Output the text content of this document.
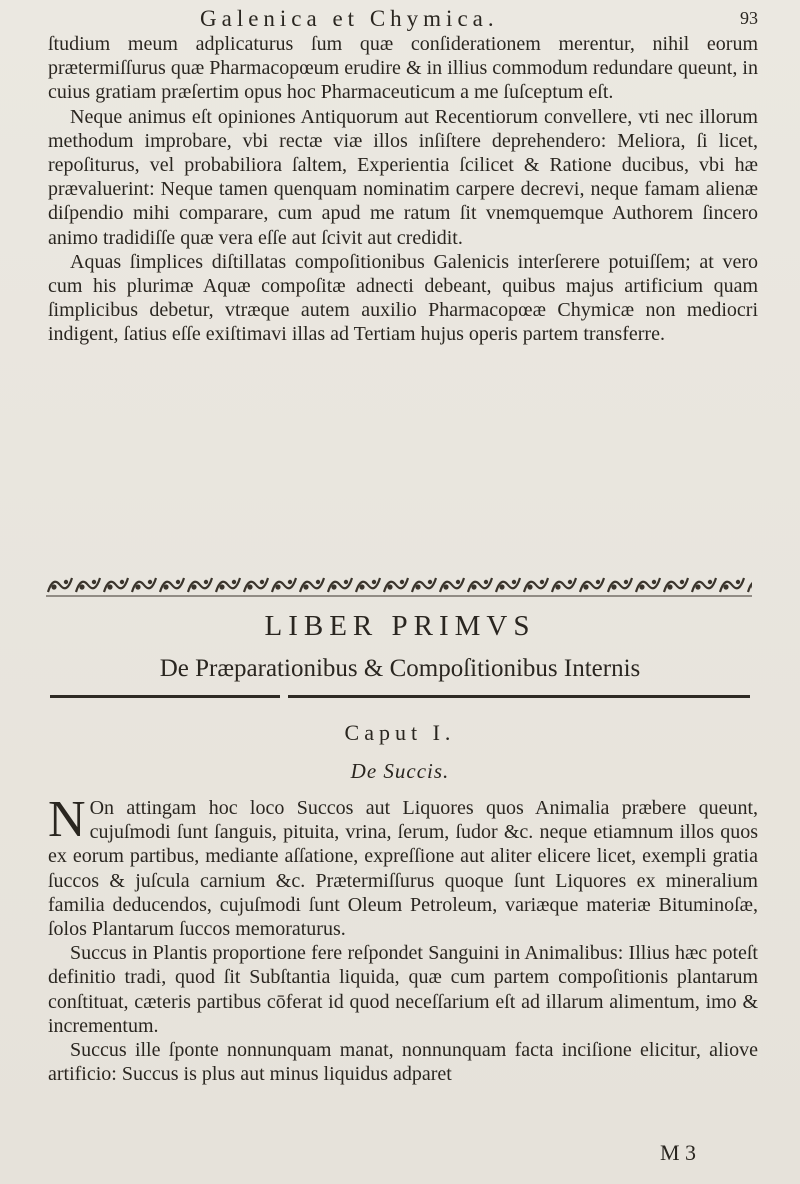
Galenica et Chymica.	93

ſtudium meum adplicaturus ſum quæ conſiderationem merentur, nihil eorum prætermiſſurus quæ Pharmacopœum erudire & in illius commodum redundare queunt, in cuius gratiam præſertim opus hoc Pharmaceuticum a me ſuſceptum eſt.

Neque animus eſt opiniones Antiquorum aut Recentiorum convellere, vti nec illorum methodum improbare, vbi rectæ viæ illos inſiſtere deprehendero: Meliora, ſi licet, repoſiturus, vel probabiliora ſaltem, Experientia ſcilicet & Ratione ducibus, vbi hæ prævaluerint: Neque tamen quenquam nominatim carpere decrevi, neque famam alienæ diſpendio mihi comparare, cum apud me ratum ſit vnemquemque Authorem ſincero animo tradidiſſe quæ vera eſſe aut ſcivit aut credidit.

Aquas ſimplices diſtillatas compoſitionibus Galenicis interſerere potuiſſem; at vero cum his plurimæ Aquæ compoſitæ adnecti debeant, quibus majus artificium quam ſimplicibus debetur, vtræque autem auxilio Pharmacopœæ Chymicæ non mediocri indigent, ſatius eſſe exiſtimavi illas ad Tertiam hujus operis partem transferre.

LIBER PRIMVS
De Præparationibus & Compoſitionibus Internis
Caput I.
De Succis.

N On attingam hoc loco Succos aut Liquores quos Animalia præbere queunt, cujuſmodi ſunt ſanguis, pituita, vrina, ſerum, ſudor &c. neque etiamnum illos quos ex eorum partibus, mediante aſſatione, expreſſione aut aliter elicere licet, exempli gratia ſuccos & juſcula carnium &c. Prætermiſſurus quoque ſunt Liquores ex mineralium familia deducendos, cujuſmodi ſunt Oleum Petroleum, variæque materiæ Bituminoſæ, ſolos Plantarum ſuccos memoraturus.

Succus in Plantis proportione fere reſpondet Sanguini in Animalibus: Illius hæc poteſt definitio tradi, quod ſit Subſtantia liquida, quæ cum partem compoſitionis plantarum conſtituat, cæteris partibus cōferat id quod neceſſarium eſt ad illarum alimentum, imo & incrementum.

Succus ille ſponte nonnunquam manat, nonnunquam facta inciſione elicitur, aliove artificio: Succus is plus aut minus liquidus adparet

M 3
